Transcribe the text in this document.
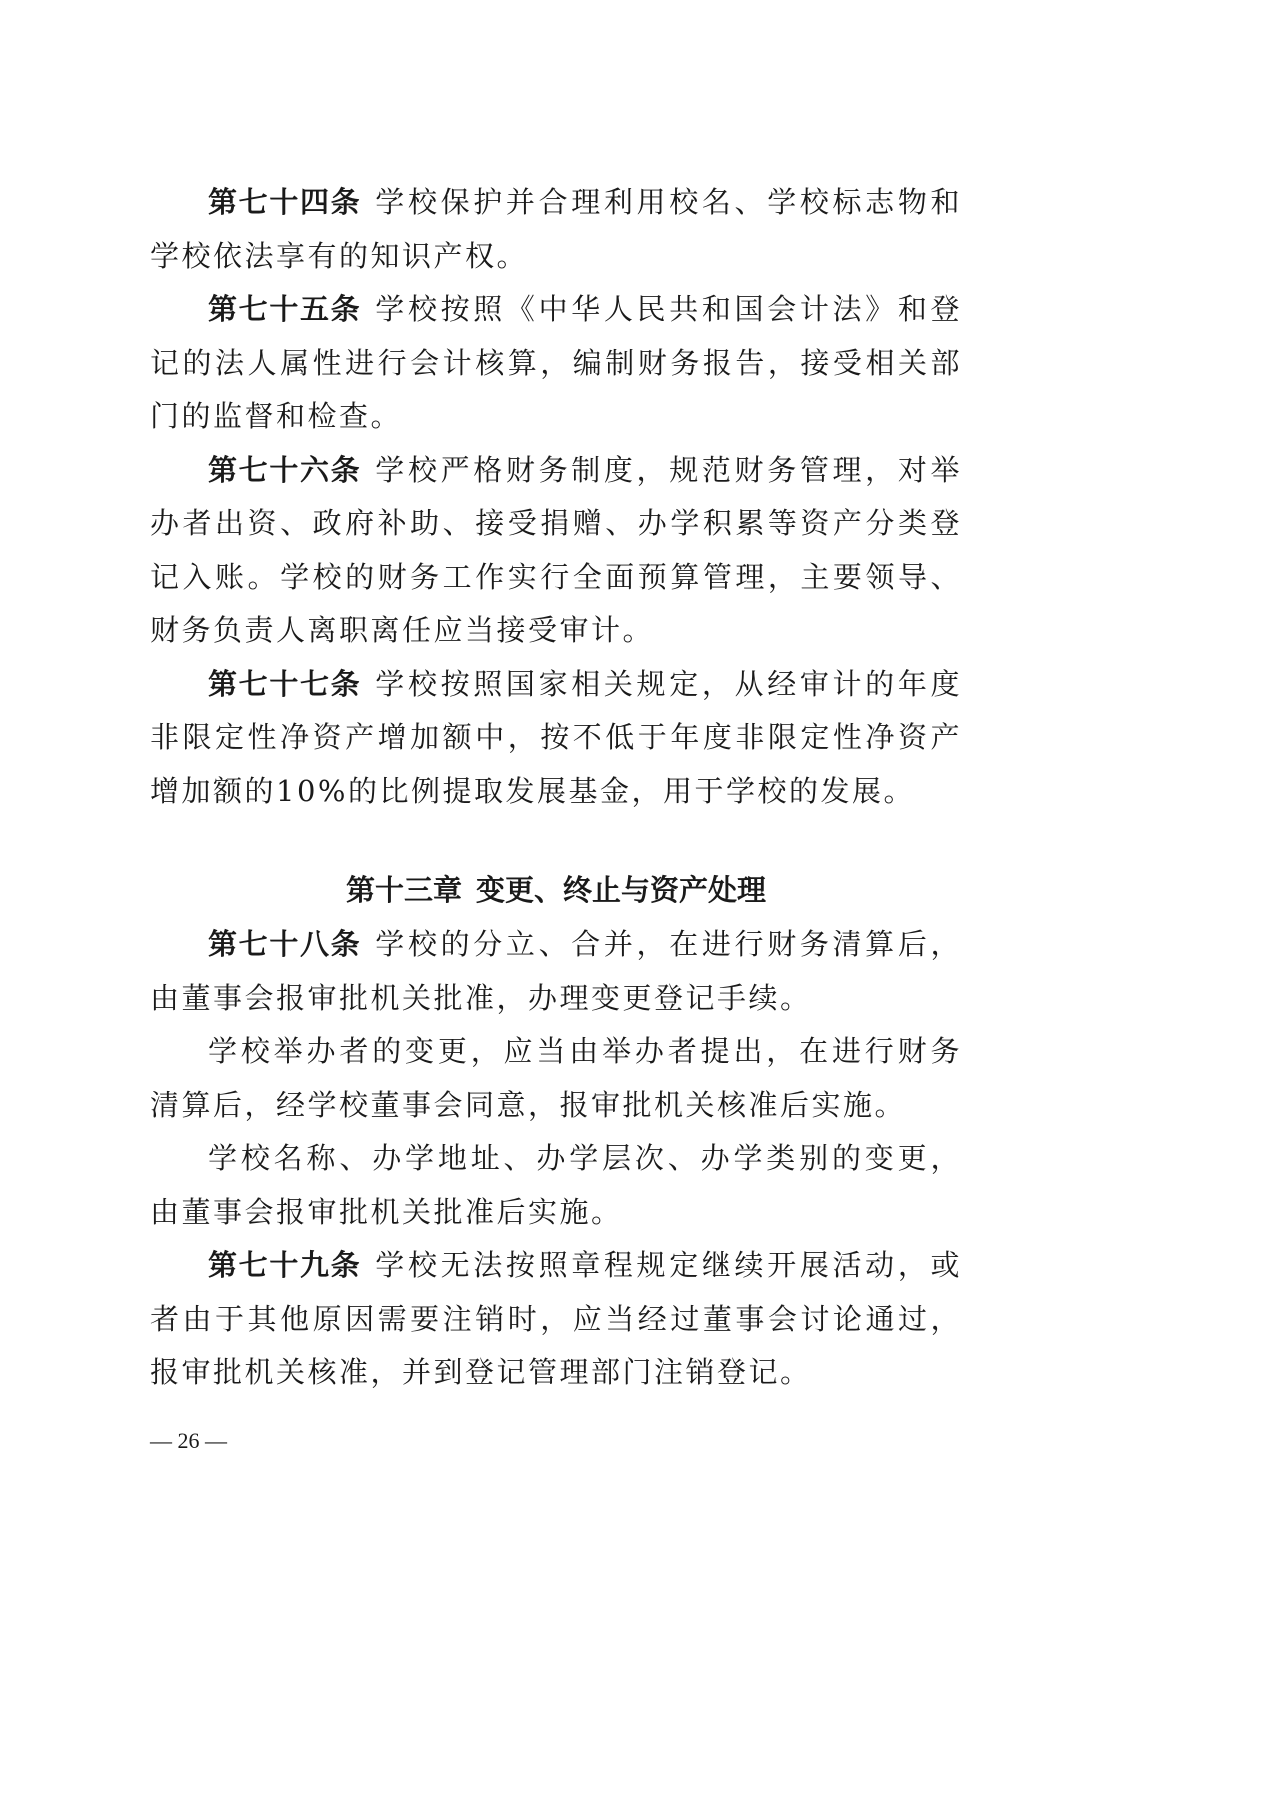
第七十四条 学校保护并合理利用校名、学校标志物和学校依法享有的知识产权。

第七十五条 学校按照《中华人民共和国会计法》和登记的法人属性进行会计核算，编制财务报告，接受相关部门的监督和检查。

第七十六条 学校严格财务制度，规范财务管理，对举办者出资、政府补助、接受捐赠、办学积累等资产分类登记入账。学校的财务工作实行全面预算管理，主要领导、财务负责人离职离任应当接受审计。

第七十七条 学校按照国家相关规定，从经审计的年度非限定性净资产增加额中，按不低于年度非限定性净资产增加额的10%的比例提取发展基金，用于学校的发展。

第十三章 变更、终止与资产处理

第七十八条 学校的分立、合并，在进行财务清算后，由董事会报审批机关批准，办理变更登记手续。

学校举办者的变更，应当由举办者提出，在进行财务清算后，经学校董事会同意，报审批机关核准后实施。

学校名称、办学地址、办学层次、办学类别的变更，由董事会报审批机关批准后实施。

第七十九条 学校无法按照章程规定继续开展活动，或者由于其他原因需要注销时，应当经过董事会讨论通过，报审批机关核准，并到登记管理部门注销登记。

— 26 —
